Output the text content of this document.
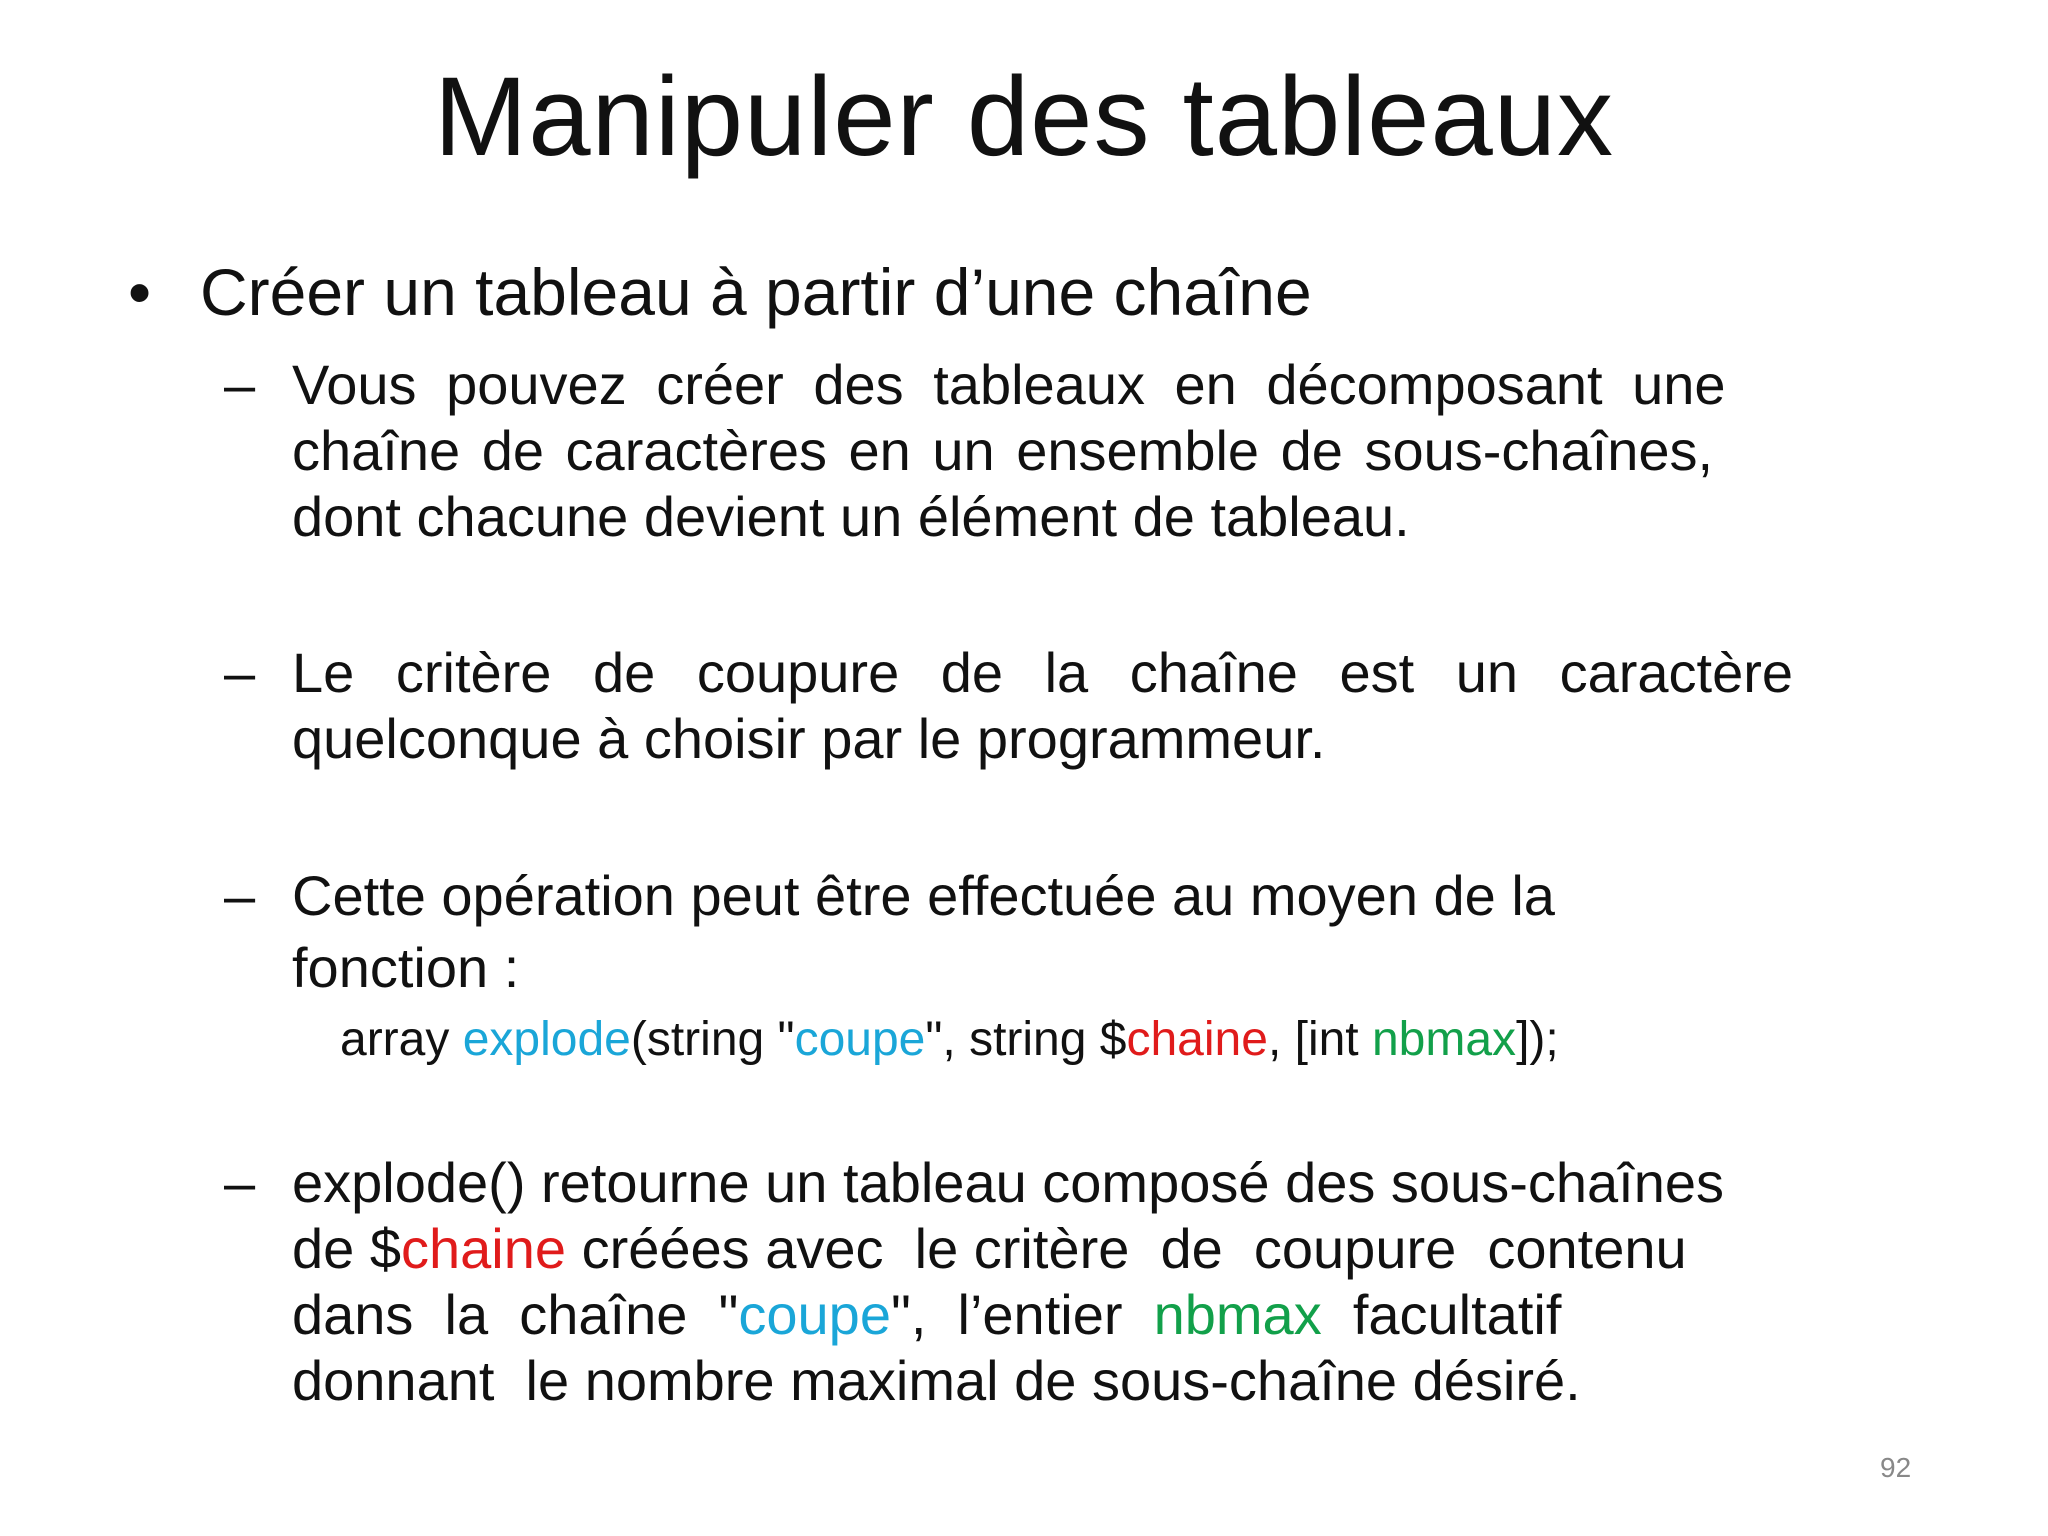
Manipuler des tableaux
• Créer un tableau à partir d’une chaîne
– Vous pouvez créer des tableaux en décomposant une
chaîne de caractères en un ensemble de sous-chaînes,
dont chacune devient un élément de tableau.
– Le critère de coupure de la chaîne est un caractère
quelconque à choisir par le programmeur.
– Cette opération peut être effectuée au moyen de la
fonction :
array explode(string "coupe", string $chaine, [int nbmax]);
– explode() retourne un tableau composé des sous-chaînes
de $chaine créées avec  le critère  de  coupure  contenu
dans  la  chaîne  "coupe",  l’entier  nbmax  facultatif
donnant  le nombre maximal de sous-chaîne désiré.
92
